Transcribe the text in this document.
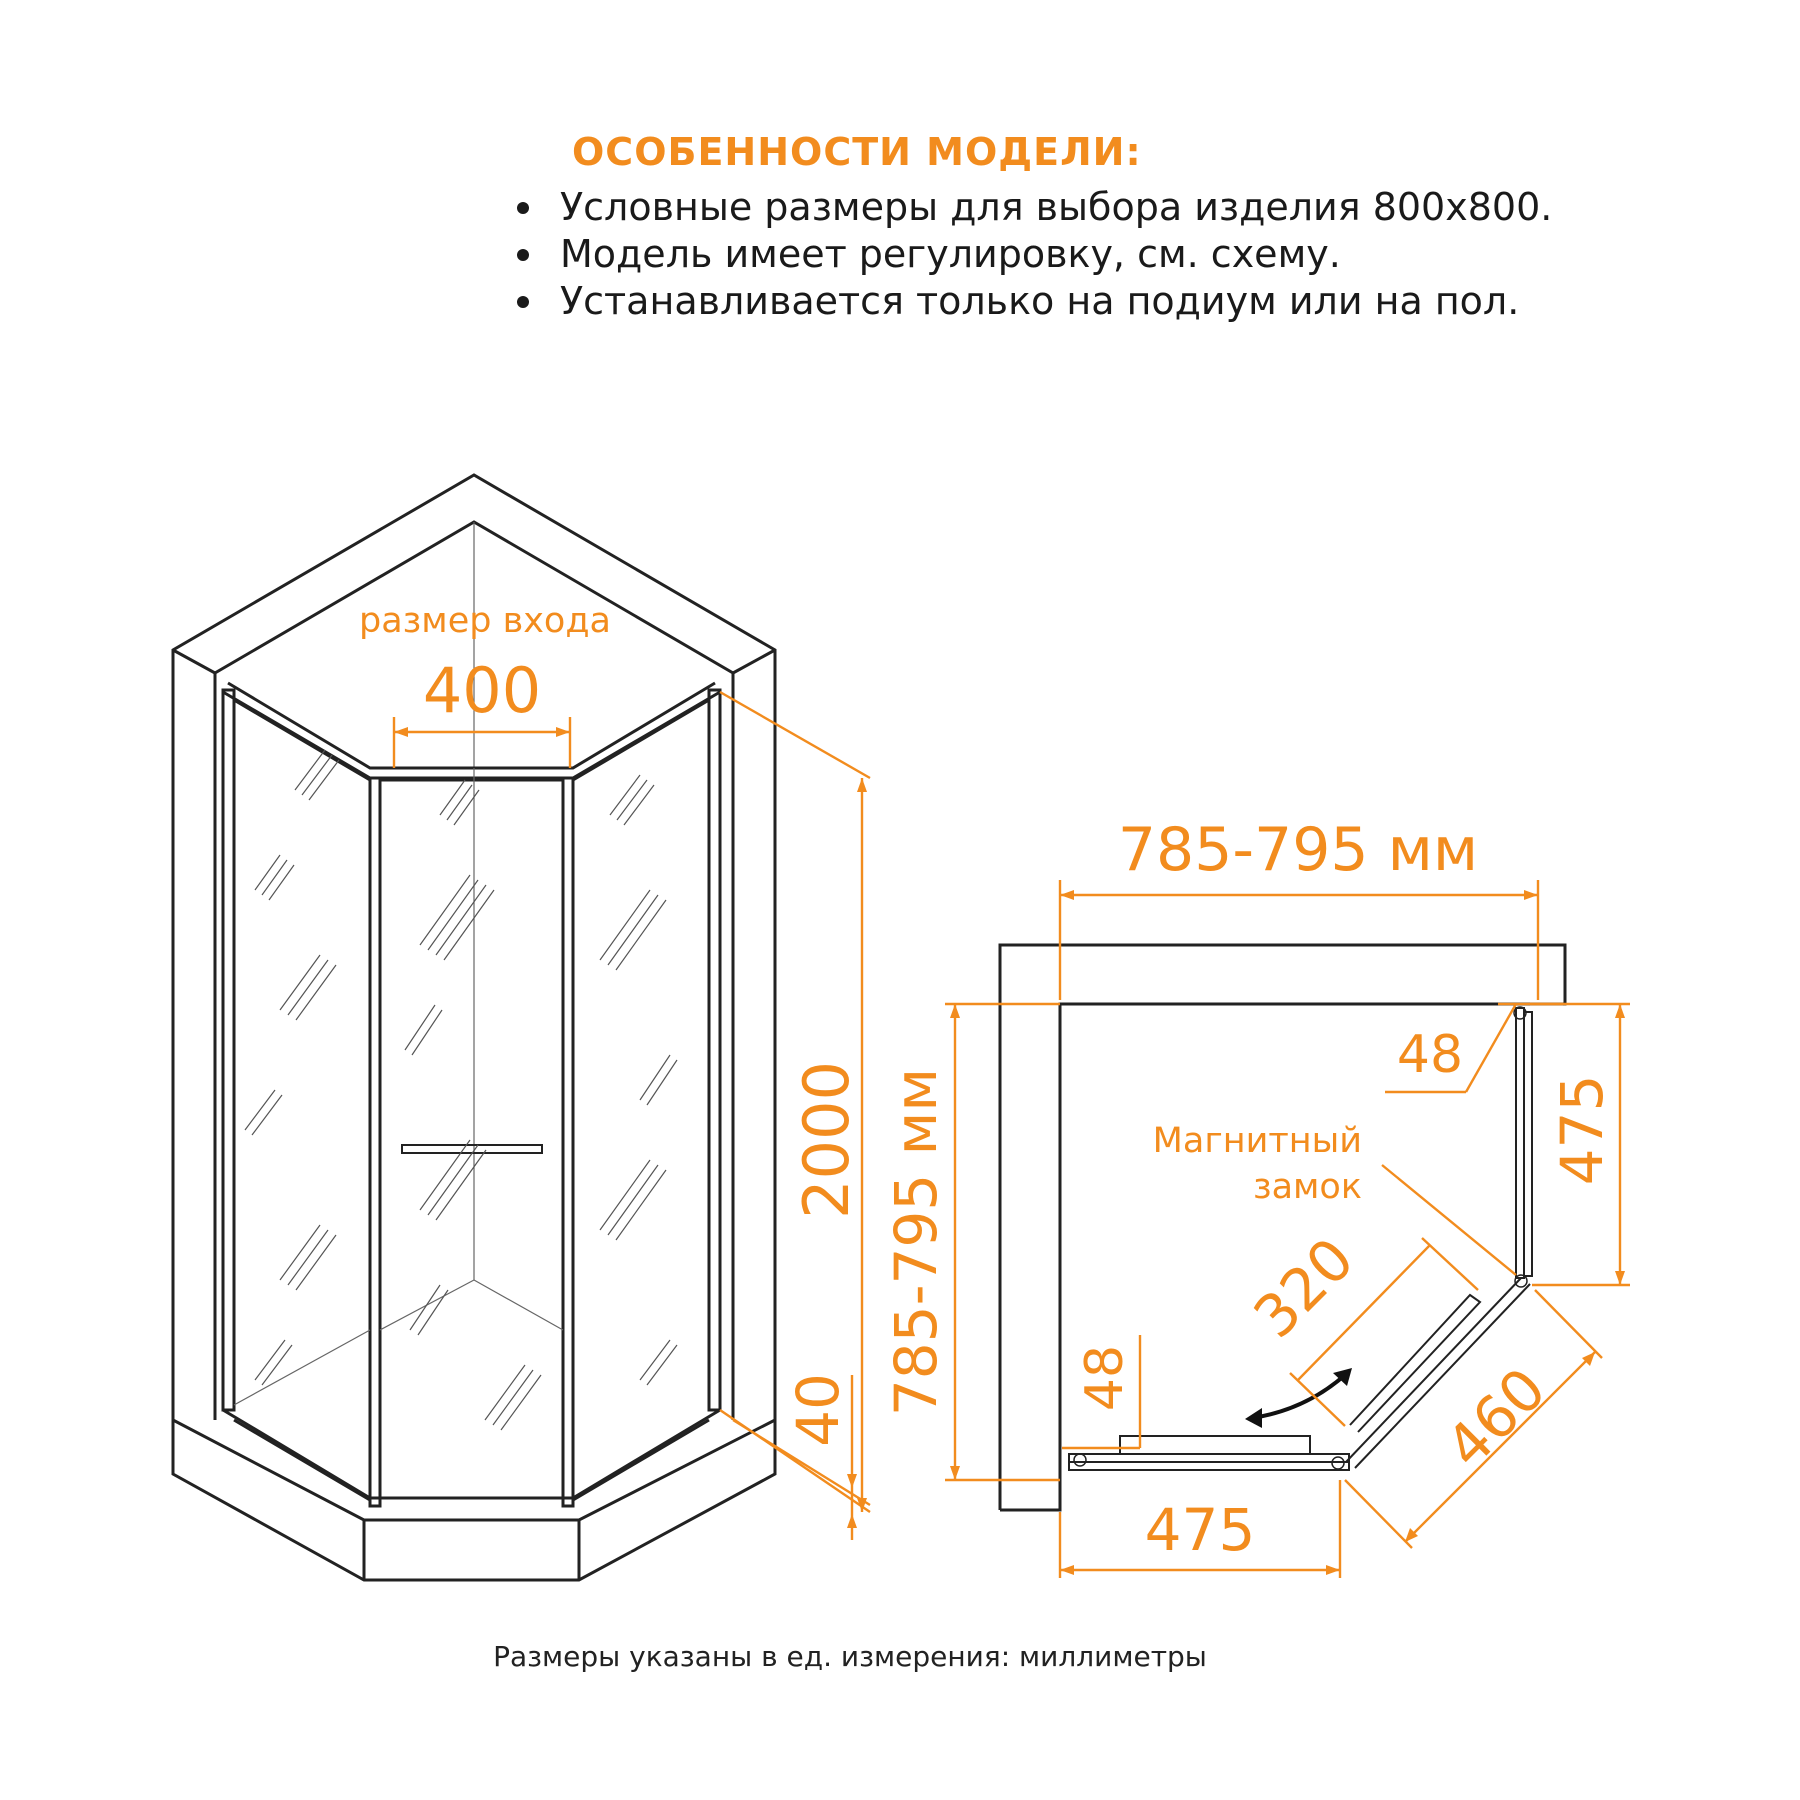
ОСОБЕННОСТИ МОДЕЛИ:
Условные размеры для выбора изделия 800х800.
Модель имеет регулировку, см. схему.
Устанавливается только на подиум или на пол.
размер входа
400
2000
40
785-795 мм
785-795 мм
48
475
Магнитный
замок
320
460
48
475
Размеры указаны в ед. измерения: миллиметры
